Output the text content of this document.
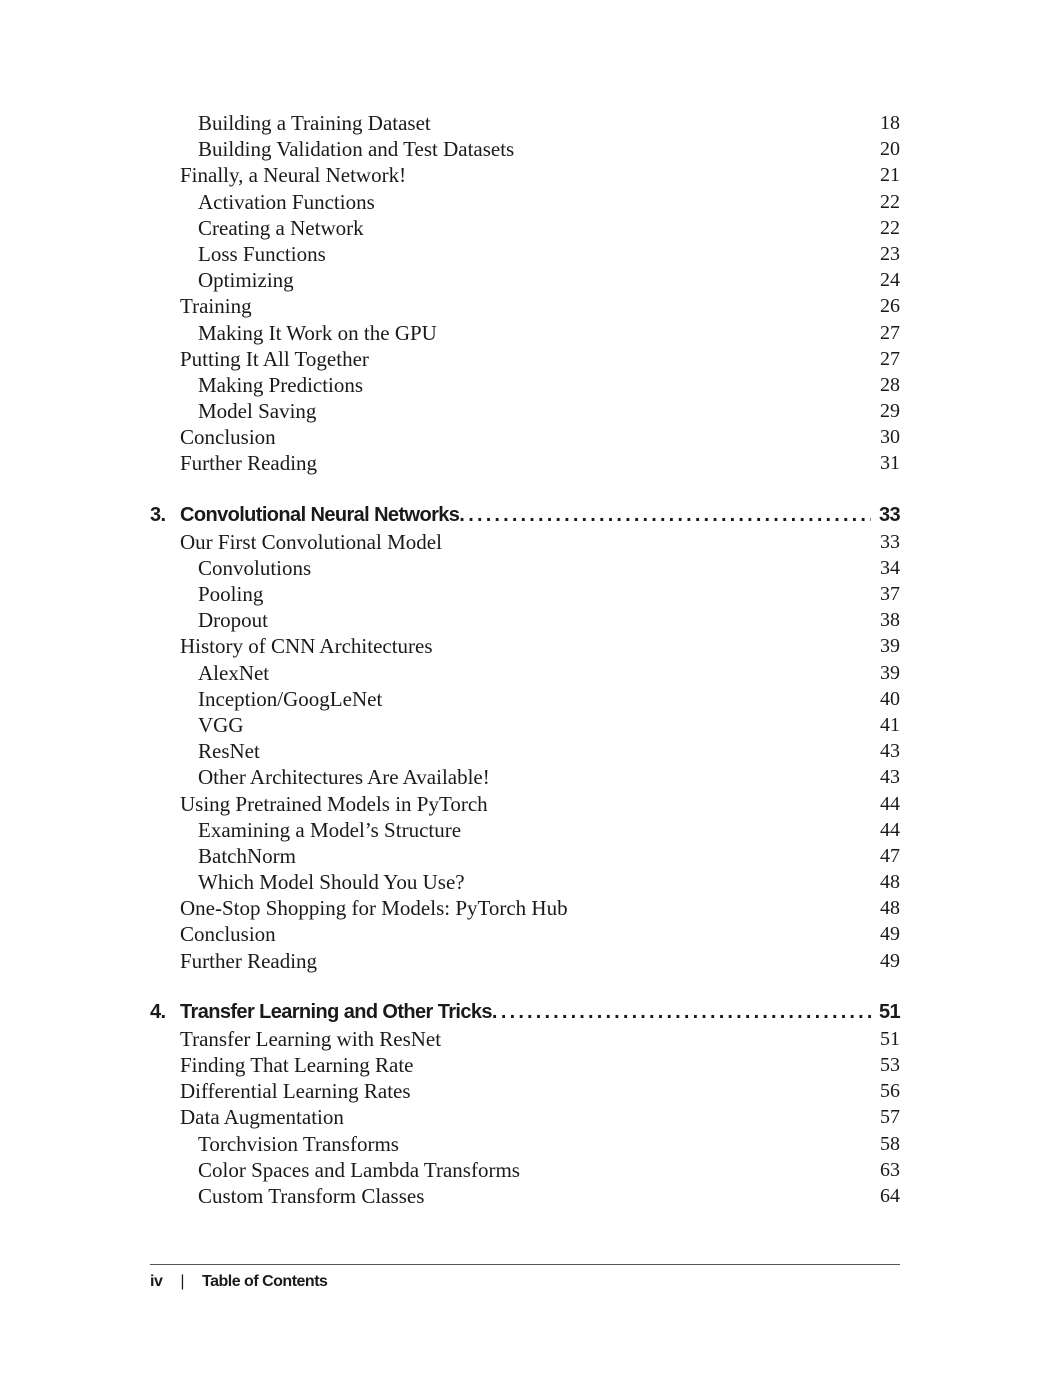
Building a Training Dataset	18
Building Validation and Test Datasets	20
Finally, a Neural Network!	21
Activation Functions	22
Creating a Network	22
Loss Functions	23
Optimizing	24
Training	26
Making It Work on the GPU	27
Putting It All Together	27
Making Predictions	28
Model Saving	29
Conclusion	30
Further Reading	31
3. Convolutional Neural Networks. . . .	33
Our First Convolutional Model	33
Convolutions	34
Pooling	37
Dropout	38
History of CNN Architectures	39
AlexNet	39
Inception/GoogLeNet	40
VGG	41
ResNet	43
Other Architectures Are Available!	43
Using Pretrained Models in PyTorch	44
Examining a Model’s Structure	44
BatchNorm	47
Which Model Should You Use?	48
One-Stop Shopping for Models: PyTorch Hub	48
Conclusion	49
Further Reading	49
4. Transfer Learning and Other Tricks. . . .	51
Transfer Learning with ResNet	51
Finding That Learning Rate	53
Differential Learning Rates	56
Data Augmentation	57
Torchvision Transforms	58
Color Spaces and Lambda Transforms	63
Custom Transform Classes	64
iv | Table of Contents
